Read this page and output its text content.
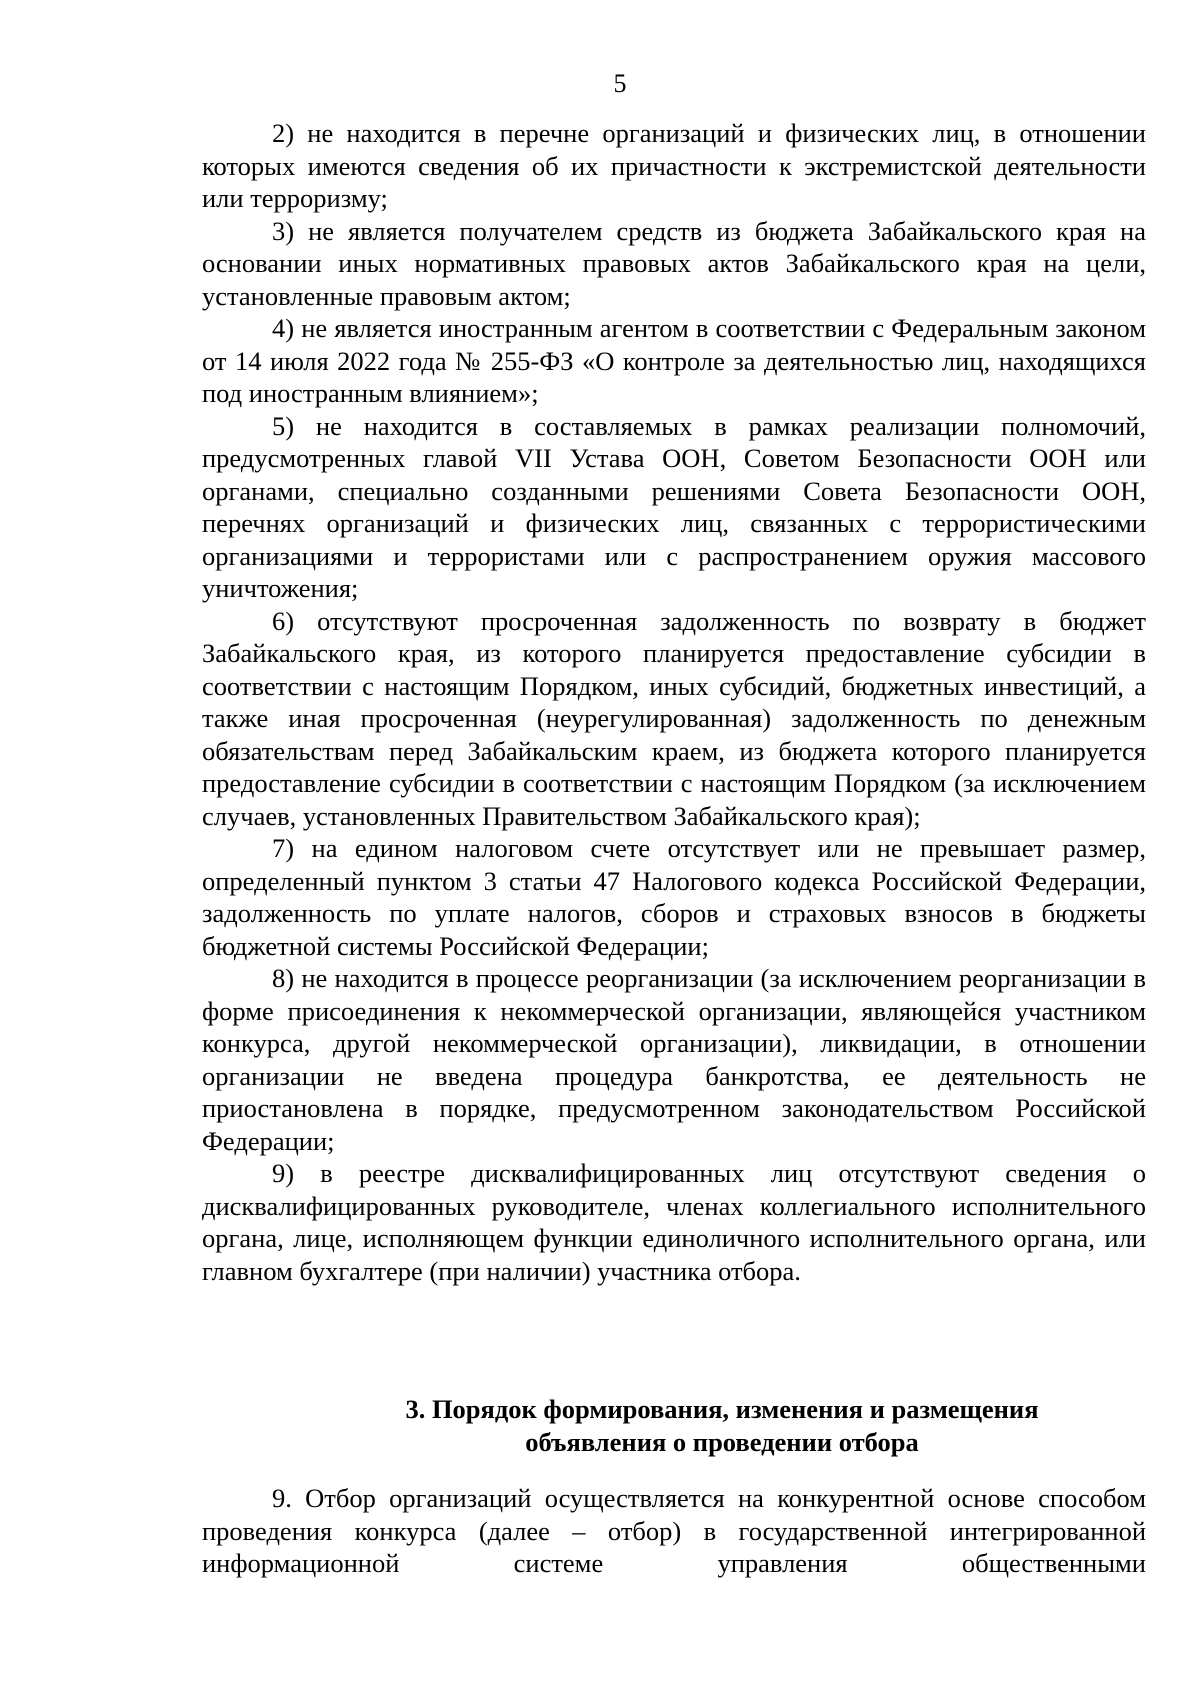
5

2) не находится в перечне организаций и физических лиц, в отношении которых имеются сведения об их причастности к экстремистской деятельности или терроризму;

3) не является получателем средств из бюджета Забайкальского края на основании иных нормативных правовых актов Забайкальского края на цели, установленные правовым актом;

4) не является иностранным агентом в соответствии с Федеральным законом от 14 июля 2022 года № 255-ФЗ «О контроле за деятельностью лиц, находящихся под иностранным влиянием»;

5) не находится в составляемых в рамках реализации полномочий, предусмотренных главой VII Устава ООН, Советом Безопасности ООН или органами, специально созданными решениями Совета Безопасности ООН, перечнях организаций и физических лиц, связанных с террористическими организациями и террористами или с распространением оружия массового уничтожения;

6) отсутствуют просроченная задолженность по возврату в бюджет Забайкальского края, из которого планируется предоставление субсидии в соответствии с настоящим Порядком, иных субсидий, бюджетных инвестиций, а также иная просроченная (неурегулированная) задолженность по денежным обязательствам перед Забайкальским краем, из бюджета которого планируется предоставление субсидии в соответствии с настоящим Порядком (за исключением случаев, установленных Правительством Забайкальского края);

7) на едином налоговом счете отсутствует или не превышает размер, определенный пунктом 3 статьи 47 Налогового кодекса Российской Федерации, задолженность по уплате налогов, сборов и страховых взносов в бюджеты бюджетной системы Российской Федерации;

8) не находится в процессе реорганизации (за исключением реорганизации в форме присоединения к некоммерческой организации, являющейся участником конкурса, другой некоммерческой организации), ликвидации, в отношении организации не введена процедура банкротства, ее деятельность не приостановлена в порядке, предусмотренном законодательством Российской Федерации;

9) в реестре дисквалифицированных лиц отсутствуют сведения о дисквалифицированных руководителе, членах коллегиального исполнительного органа, лице, исполняющем функции единоличного исполнительного органа, или главном бухгалтере (при наличии) участника отбора.

3. Порядок формирования, изменения и размещения
объявления о проведении отбора

9. Отбор организаций осуществляется на конкурентной основе способом проведения конкурса (далее – отбор) в государственной интегрированной информационной системе управления общественными
